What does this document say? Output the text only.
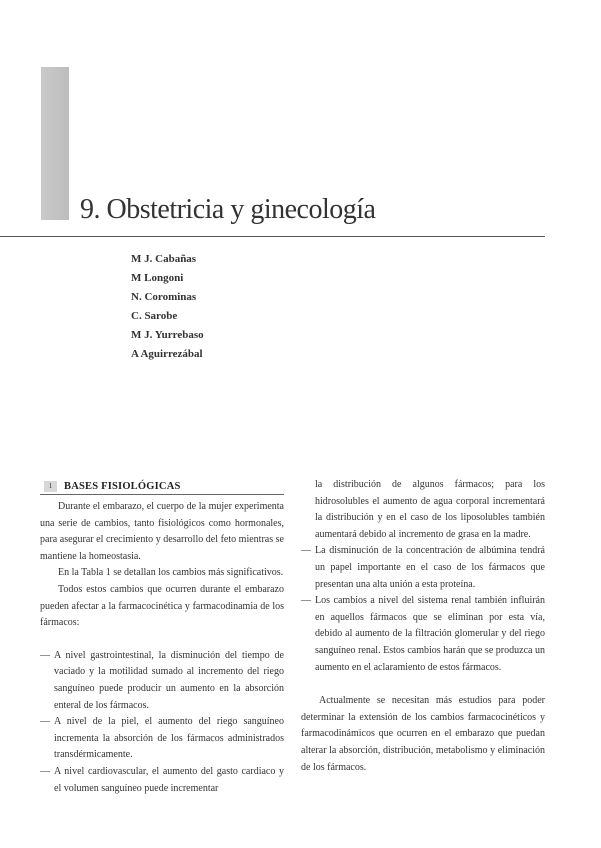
9. Obstetricia y ginecología
M J. Cabañas
M Longoni
N. Corominas
C. Sarobe
M J. Yurrebaso
A Aguirrezábal
1	BASES FISIOLÓGICAS

Durante el embarazo, el cuerpo de la mujer experimenta una serie de cambios, tanto fisiológicos como hormonales, para asegurar el crecimiento y desarrollo del feto mientras se mantiene la homeostasia.

En la Tabla 1 se detallan los cambios más significativos.

Todos estos cambios que ocurren durante el embarazo pueden afectar a la farmacocinética y farmacodinamia de los fármacos:

— A nivel gastrointestinal, la disminución del tiempo de vaciado y la motilidad sumado al incremento del riego sanguíneo puede producir un aumento en la absorción enteral de los fármacos.
— A nivel de la piel, el aumento del riego sanguíneo incrementa la absorción de los fármacos administrados transdérmicamente.
— A nivel cardiovascular, el aumento del gasto cardiaco y el volumen sanguíneo puede incrementar

la distribución de algunos fármacos; para los hidrosolubles el aumento de agua corporal incrementará la distribución y en el caso de los liposolubles también aumentará debido al incremento de grasa en la madre.

— La disminución de la concentración de albúmina tendrá un papel importante en el caso de los fármacos que presentan una alta unión a esta proteína.
— Los cambios a nivel del sistema renal también influirán en aquellos fármacos que se eliminan por esta vía, debido al aumento de la filtración glomerular y del riego sanguíneo renal. Estos cambios harán que se produzca un aumento en el aclaramiento de estos fármacos.

Actualmente se necesitan más estudios para poder determinar la extensión de los cambios farmacocinéticos y farmacodinámicos que ocurren en el embarazo que puedan alterar la absorción, distribución, metabolismo y eliminación de los fármacos.
